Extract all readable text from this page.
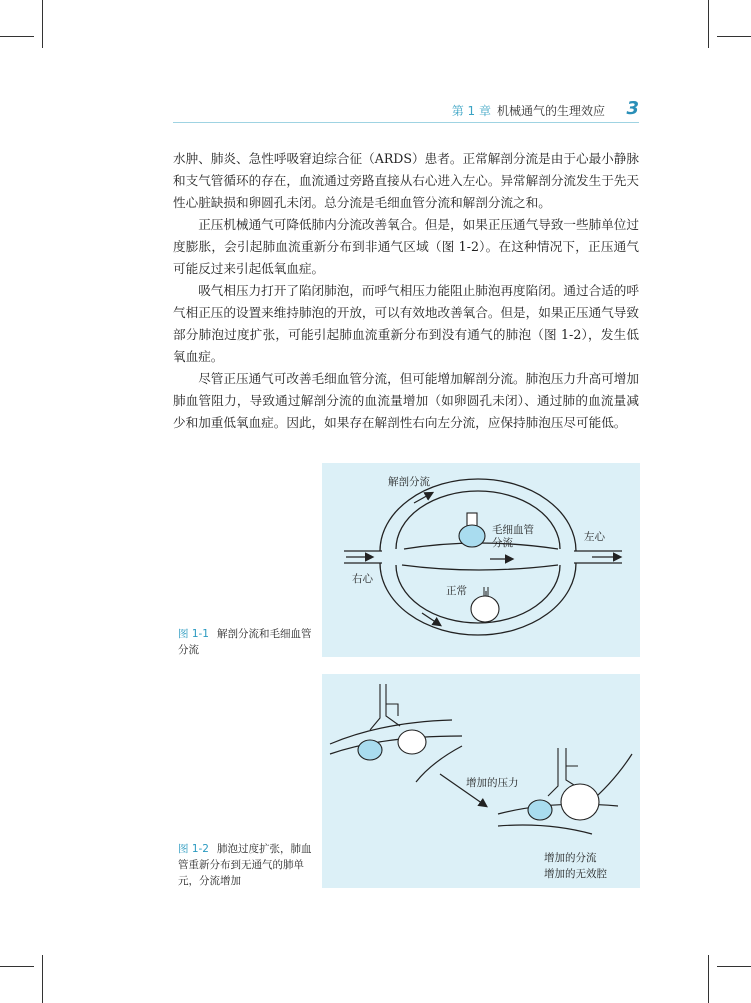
第 1 章 机械通气的生理效应 3

水肿、肺炎、急性呼吸窘迫综合征（ARDS）患者。正常解剖分流是由于心最小静脉和支气管循环的存在，血流通过旁路直接从右心进入左心。异常解剖分流发生于先天性心脏缺损和卵圆孔未闭。总分流是毛细血管分流和解剖分流之和。

正压机械通气可降低肺内分流改善氧合。但是，如果正压通气导致一些肺单位过度膨胀，会引起肺血流重新分布到非通气区域（图 1-2）。在这种情况下，正压通气可能反过来引起低氧血症。

吸气相压力打开了陷闭肺泡，而呼气相压力能阻止肺泡再度陷闭。通过合适的呼气相正压的设置来维持肺泡的开放，可以有效地改善氧合。但是，如果正压通气导致部分肺泡过度扩张，可能引起肺血流重新分布到没有通气的肺泡（图 1-2），发生低氧血症。

尽管正压通气可改善毛细血管分流，但可能增加解剖分流。肺泡压力升高可增加肺血管阻力，导致通过解剖分流的血流量增加（如卵圆孔未闭）、通过肺的血流量减少和加重低氧血症。因此，如果存在解剖性右向左分流，应保持肺泡压尽可能低。

解剖分流
毛细血管
分流	左心
右心
正常
图 1-1 解剖分流和毛细血管分流
增加的压力
增加的分流
增加的无效腔
图 1-2 肺泡过度扩张，肺血管重新分布到无通气的肺单元，分流增加
